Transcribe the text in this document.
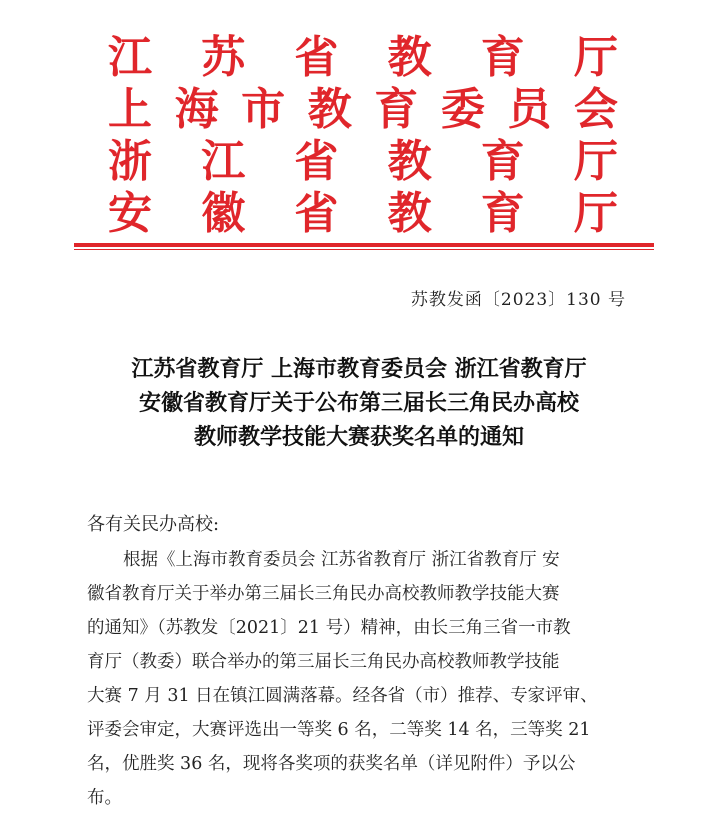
江 苏 省 教 育 厅
上 海 市 教 育 委 员 会
浙 江 省 教 育 厅
安 徽 省 教 育 厅
苏教发函〔2023〕130 号
江苏省教育厅 上海市教育委员会 浙江省教育厅
安徽省教育厅关于公布第三届长三角民办高校
教师教学技能大赛获奖名单的通知
各有关民办高校:
根据《上海市教育委员会 江苏省教育厅 浙江省教育厅 安
徽省教育厅关于举办第三届长三角民办高校教师教学技能大赛
的通知》（苏教发〔2021〕21 号）精神，由长三角三省一市教
育厅（教委）联合举办的第三届长三角民办高校教师教学技能
大赛 7 月 31 日在镇江圆满落幕。经各省（市）推荐、专家评审、
评委会审定，大赛评选出一等奖 6 名，二等奖 14 名，三等奖 21
名，优胜奖 36 名，现将各奖项的获奖名单（详见附件）予以公
布。
